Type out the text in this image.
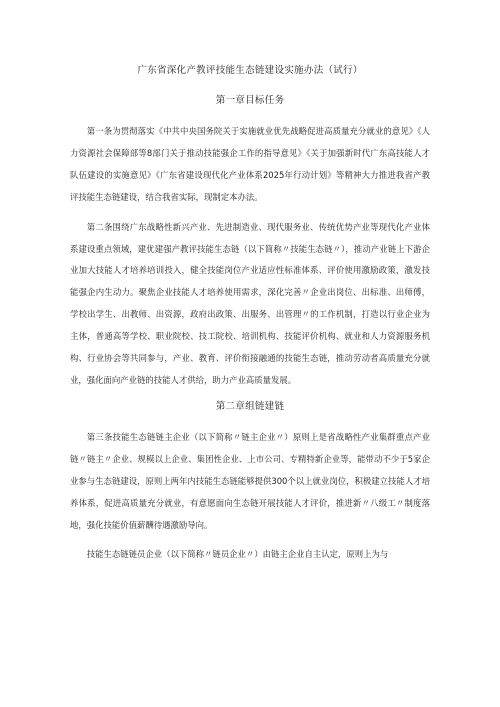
广东省深化产教评技能生态链建设实施办法（试行）
第一章目标任务

第一条为贯彻落实《中共中央国务院关于实施就业优先战略促进高质量充分就业的意见》《人力资源社会保障部等8部门关于推动技能强企工作的指导意见》《关于加强新时代广东高技能人才队伍建设的实施意见》《广东省建设现代化产业体系2025年行动计划》等精神大力推进我省产教评技能生态链建设，结合我省实际，现制定本办法。

第二条围绕广东战略性新兴产业、先进制造业、现代服务业、传统优势产业等现代化产业体系建设重点领域，建优建强产教评技能生态链（以下简称〃技能生态链〃），推动产业链上下游企业加大技能人才培养培训投入，健全技能岗位产业适应性标准体系、评价使用激励政策，激发技能强企内生动力。聚焦企业技能人才培养使用需求，深化完善〃企业出岗位、出标准、出师傅，学校出学生、出教师、出资源，政府出政策、出服务、出管理〃的工作机制，打造以行业企业为主体，普通高等学校、职业院校、技工院校、培训机构、技能评价机构、就业和人力资源服务机构、行业协会等共同参与，产业、教育、评价衔接融通的技能生态链，推动劳动者高质量充分就业，强化面向产业链的技能人才供给，助力产业高质量发展。

第二章组链建链

第三条技能生态链链主企业（以下简称〃链主企业〃）原则上是省战略性产业集群重点产业链〃链主〃企业、规模以上企业、集团性企业、上市公司、专精特新企业等，能带动不少于5家企业参与生态链建设，原则上两年内技能生态链能够提供300个以上就业岗位，积极建立技能人才培养体系，促进高质量充分就业，有意愿面向生态链开展技能人才评价，推进新〃八级工〃制度落地，强化技能价值薪酬待遇激励导向。

技能生态链链员企业（以下简称〃链员企业〃）由链主企业自主认定，原则上为与
